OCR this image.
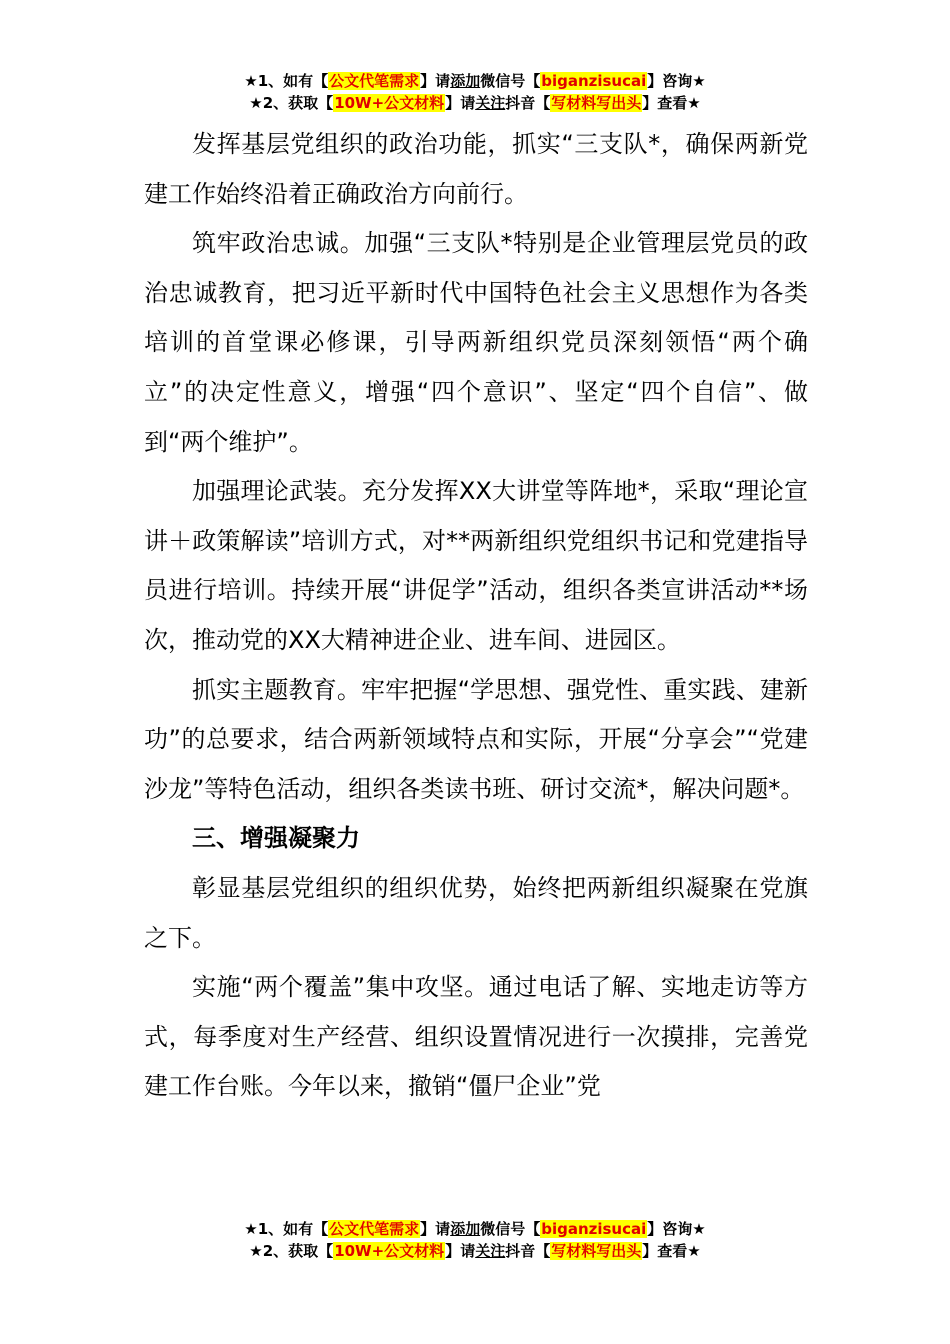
★1、如有【公文代笔需求】请添加微信号【biganzisucai】咨询★
★2、获取【10W+公文材料】请关注抖音【写材料写出头】查看★

发挥基层党组织的政治功能，抓实“三支队*，确保两新党建工作始终沿着正确政治方向前行。

筑牢政治忠诚。加强“三支队*特别是企业管理层党员的政治忠诚教育，把习近平新时代中国特色社会主义思想作为各类培训的首堂课必修课，引导两新组织党员深刻领悟“两个确立”的决定性意义，增强“四个意识”、坚定“四个自信”、做到“两个维护”。

加强理论武装。充分发挥XX大讲堂等阵地*，采取“理论宣讲＋政策解读”培训方式，对**两新组织党组织书记和党建指导员进行培训。持续开展“讲促学”活动，组织各类宣讲活动**场次，推动党的XX大精神进企业、进车间、进园区。

抓实主题教育。牢牢把握“学思想、强党性、重实践、建新功”的总要求，结合两新领域特点和实际，开展“分享会”“党建沙龙”等特色活动，组织各类读书班、研讨交流*，解决问题*。

三、增强凝聚力

彰显基层党组织的组织优势，始终把两新组织凝聚在党旗之下。

实施“两个覆盖”集中攻坚。通过电话了解、实地走访等方式，每季度对生产经营、组织设置情况进行一次摸排，完善党建工作台账。今年以来，撤销“僵尸企业”党

★1、如有【公文代笔需求】请添加微信号【biganzisucai】咨询★
★2、获取【10W+公文材料】请关注抖音【写材料写出头】查看★
